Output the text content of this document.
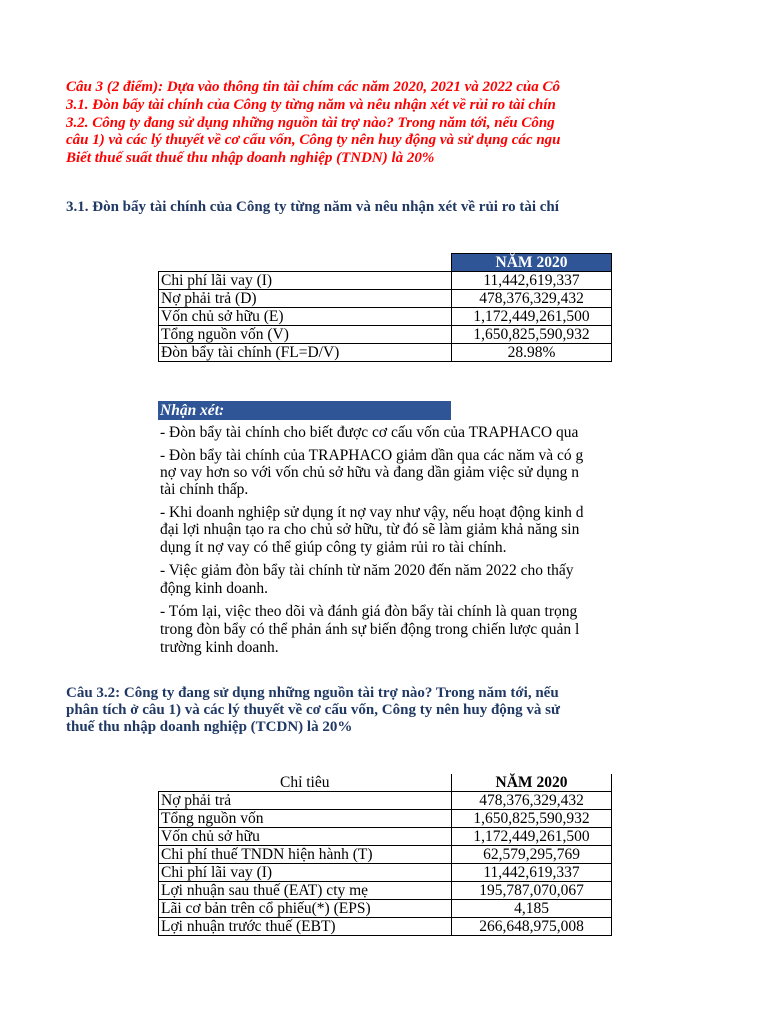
Câu 3 (2 điểm): Dựa vào thông tin tài chím các năm 2020, 2021 và 2022 của Cô
3.1. Đòn bẩy tài chính của Công ty từng năm và nêu nhận xét về rủi ro tài chín
3.2. Công ty đang sử dụng những nguồn tài trợ nào? Trong năm tới, nếu Công
câu 1) và các lý thuyết về cơ cấu vốn, Công ty nên huy động và sử dụng các ngu
Biết thuế suất thuế thu nhập doanh nghiệp (TNDN) là 20%
3.1. Đòn bẩy tài chính của Công ty từng năm và nêu nhận xét về rủi ro tài chí
	NĂM 2020
Chi phí lãi vay (I)	11,442,619,337
Nợ phải trả (D)	478,376,329,432
Vốn chủ sở hữu (E)	1,172,449,261,500
Tổng nguồn vốn (V)	1,650,825,590,932
Đòn bẩy tài chính (FL=D/V)	28.98%
Nhận xét:
- Đòn bẩy tài chính cho biết được cơ cấu vốn của TRAPHACO qua
- Đòn bẩy tài chính của TRAPHACO giảm dần qua các năm và có g
nợ vay hơn so với vốn chủ sở hữu và đang dần giảm việc sử dụng n
tài chính thấp.
- Khi doanh nghiệp sử dụng ít nợ vay như vậy, nếu hoạt động kinh d
đại lợi nhuận tạo ra cho chủ sở hữu, từ đó sẽ làm giảm khả năng sin
dụng ít nợ vay có thể giúp công ty giảm rủi ro tài chính.
- Việc giảm đòn bẩy tài chính từ năm 2020 đến năm 2022 cho thấy
động kinh doanh.
- Tóm lại, việc theo dõi và đánh giá đòn bẩy tài chính là quan trọng
trong đòn bẩy có thể phản ánh sự biến động trong chiến lược quản l
trường kinh doanh.
Câu 3.2: Công ty đang sử dụng những nguồn tài trợ nào? Trong năm tới, nếu
phân tích ở câu 1) và các lý thuyết về cơ cấu vốn, Công ty nên huy động và sử
thuế thu nhập doanh nghiệp (TCDN) là 20%
Chỉ tiêu	NĂM 2020
Nợ phải trả	478,376,329,432
Tổng nguồn vốn	1,650,825,590,932
Vốn chủ sở hữu	1,172,449,261,500
Chi phí thuế TNDN hiện hành (T)	62,579,295,769
Chi phí lãi vay (I)	11,442,619,337
Lợi nhuận sau thuế (EAT) cty mẹ	195,787,070,067
Lãi cơ bản trên cổ phiếu(*) (EPS)	4,185
Lợi nhuận trước thuế (EBT)	266,648,975,008
